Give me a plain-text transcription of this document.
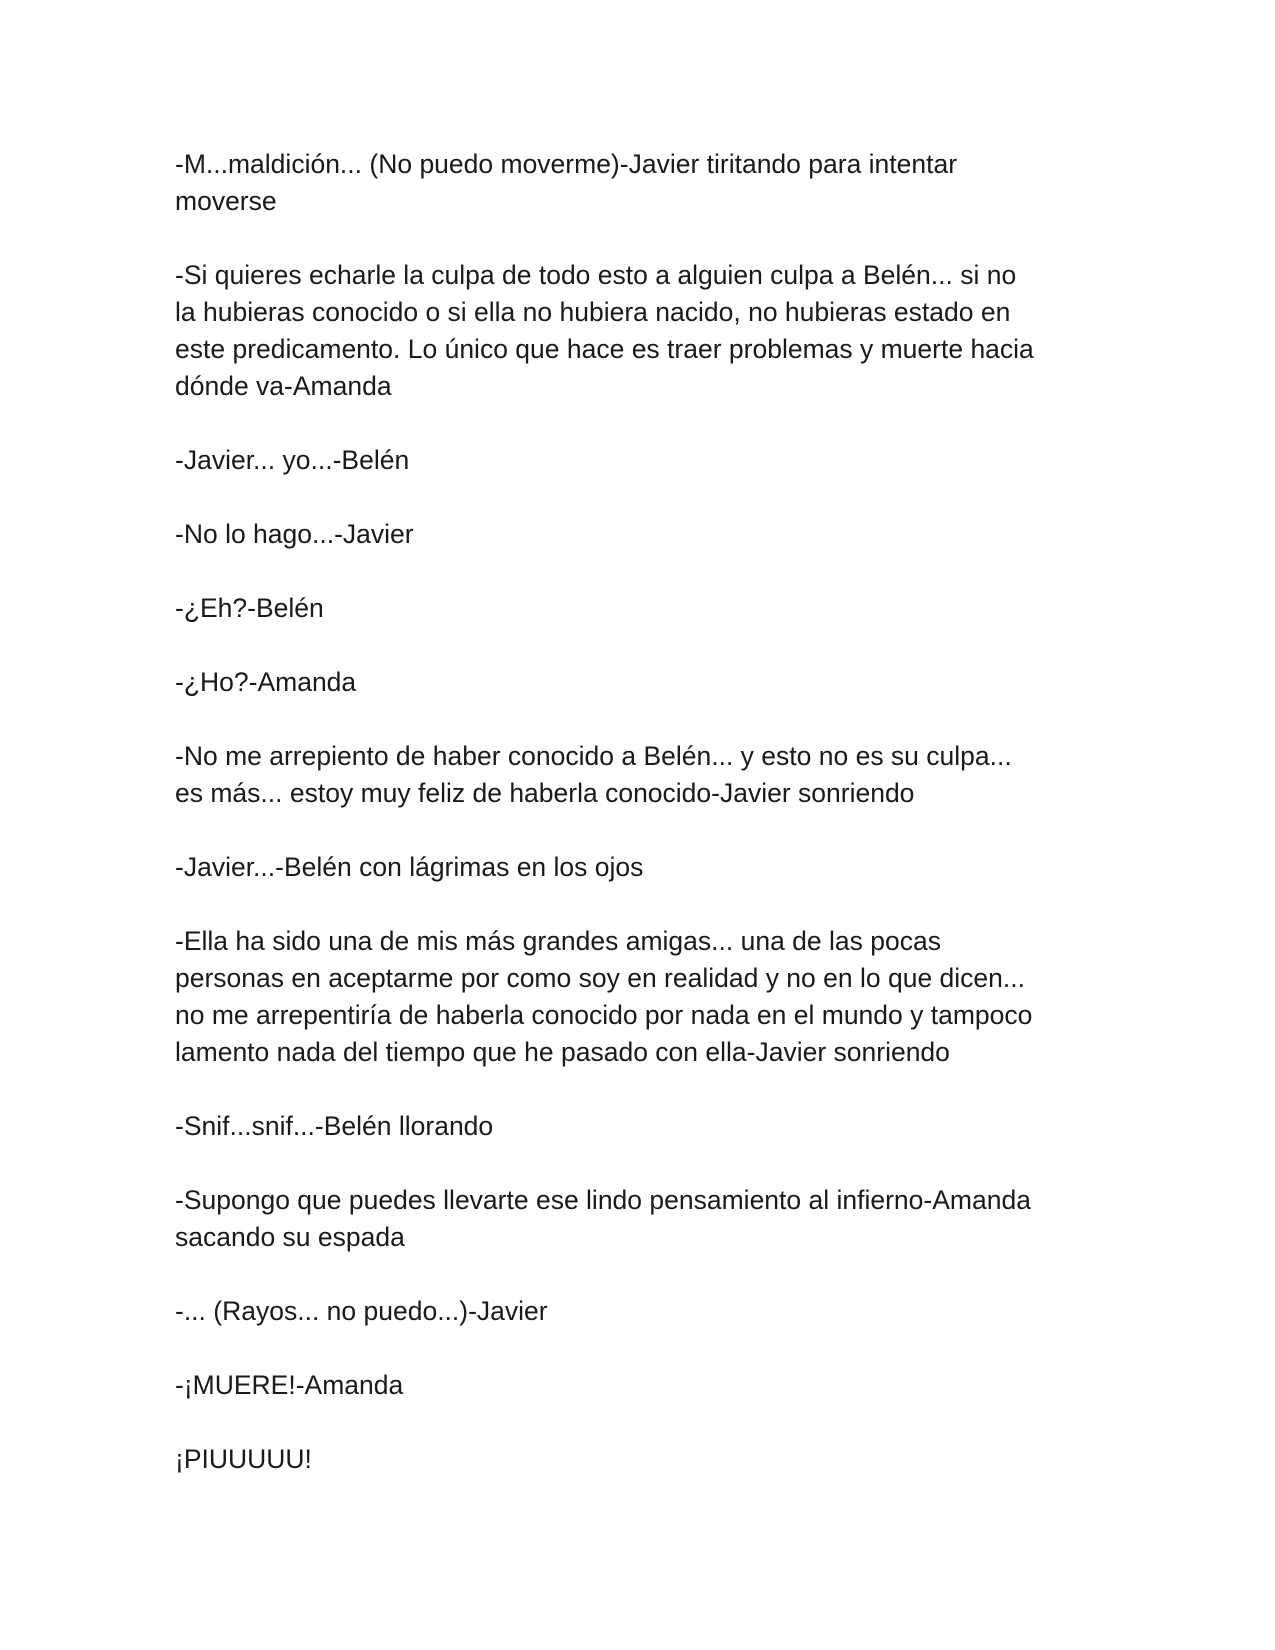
-M...maldición... (No puedo moverme)-Javier tiritando para intentar
moverse

-Si quieres echarle la culpa de todo esto a alguien culpa a Belén... si no
la hubieras conocido o si ella no hubiera nacido, no hubieras estado en
este predicamento. Lo único que hace es traer problemas y muerte hacia
dónde va-Amanda

-Javier... yo...-Belén

-No lo hago...-Javier

-¿Eh?-Belén

-¿Ho?-Amanda

-No me arrepiento de haber conocido a Belén... y esto no es su culpa...
es más... estoy muy feliz de haberla conocido-Javier sonriendo

-Javier...-Belén con lágrimas en los ojos

-Ella ha sido una de mis más grandes amigas... una de las pocas
personas en aceptarme por como soy en realidad y no en lo que dicen...
no me arrepentiría de haberla conocido por nada en el mundo y tampoco
lamento nada del tiempo que he pasado con ella-Javier sonriendo

-Snif...snif...-Belén llorando

-Supongo que puedes llevarte ese lindo pensamiento al infierno-Amanda
sacando su espada

-... (Rayos... no puedo...)-Javier

-¡MUERE!-Amanda

¡PIUUUUU!
